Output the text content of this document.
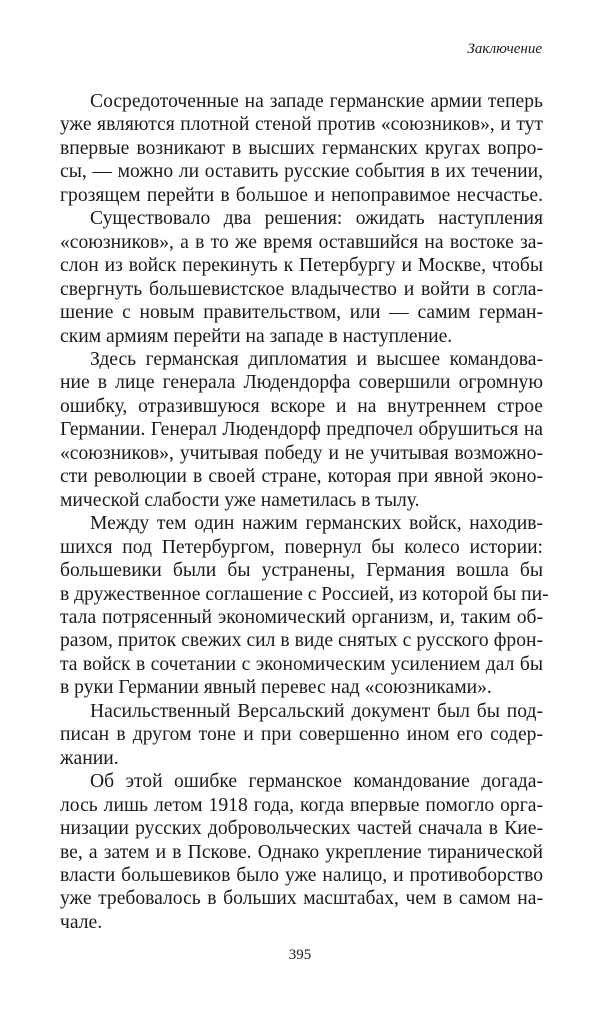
Заключение

Сосредоточенные на западе германские армии теперь
уже являются плотной стеной против «союзников», и тут
впервые возникают в высших германских кругах вопро-
сы, — можно ли оставить русские события в их течении,
грозящем перейти в большое и непоправимое несчастье.

Существовало два решения: ожидать наступления
«союзников», а в то же время оставшийся на востоке за-
слон из войск перекинуть к Петербургу и Москве, чтобы
свергнуть большевистское владычество и войти в согла-
шение с новым правительством, или — самим герман-
ским армиям перейти на западе в наступление.

Здесь германская дипломатия и высшее командова-
ние в лице генерала Людендорфа совершили огромную
ошибку, отразившуюся вскоре и на внутреннем строе
Германии. Генерал Людендорф предпочел обрушиться на
«союзников», учитывая победу и не учитывая возможно-
сти революции в своей стране, которая при явной эконо-
мической слабости уже наметилась в тылу.

Между тем один нажим германских войск, находив-
шихся под Петербургом, повернул бы колесо истории:
большевики были бы устранены, Германия вошла бы
в дружественное соглашение с Россией, из которой бы пи-
тала потрясенный экономический организм, и, таким об-
разом, приток свежих сил в виде снятых с русского фрон-
та войск в сочетании с экономическим усилением дал бы
в руки Германии явный перевес над «союзниками».

Насильственный Версальский документ был бы под-
писан в другом тоне и при совершенно ином его содер-
жании.

Об этой ошибке германское командование догада-
лось лишь летом 1918 года, когда впервые помогло орга-
низации русских добровольческих частей сначала в Кие-
ве, а затем и в Пскове. Однако укрепление тиранической
власти большевиков было уже налицо, и противоборство
уже требовалось в больших масштабах, чем в самом на-
чале.

395
